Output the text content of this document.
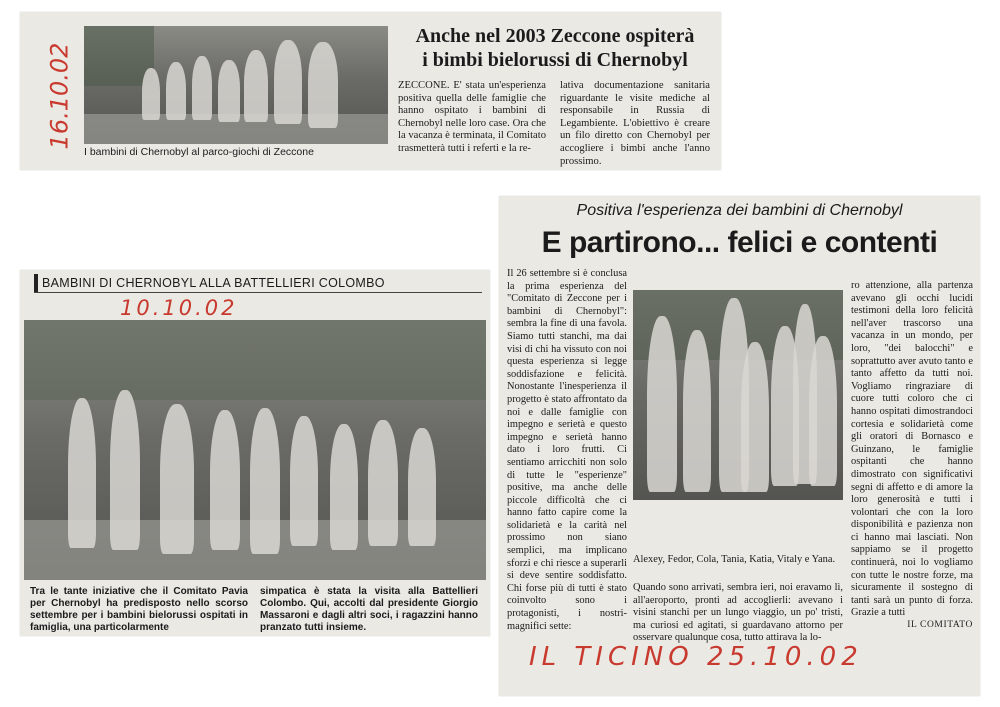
16.10.02
I bambini di Chernobyl al parco-giochi di Zeccone
Anche nel 2003 Zeccone ospiterà
i bimbi bielorussi di Chernobyl
ZECCONE. E' stata un'esperienza positiva quella delle famiglie che hanno ospitato i bambini di Chernobyl nelle loro case. Ora che la vacanza è terminata, il Comitato trasmetterà tutti i referti e la re-
lativa documentazione sanitaria riguardante le visite mediche al responsabile in Russia di Legambiente. L'obiettivo è creare un filo diretto con Chernobyl per accogliere i bimbi anche l'anno prossimo.
BAMBINI DI CHERNOBYL ALLA BATTELLIERI COLOMBO
10.10.02
Tra le tante iniziative che il Comitato Pavia per Chernobyl ha predisposto nello scorso settembre per i bambini bielorussi ospitati in famiglia, una particolarmente
simpatica è stata la visita alla Battellieri Colombo. Qui, accolti dal presidente Giorgio Massaroni e dagli altri soci, i ragazzini hanno pranzato tutti insieme.
Positiva l'esperienza dei bambini di Chernobyl
E partirono... felici e contenti
Il 26 settembre si è conclusa la prima esperienza del "Comitato di Zeccone per i bambini di Chernobyl": sembra la fine di una favola. Siamo tutti stanchi, ma dai visi di chi ha vissuto con noi questa esperienza si legge soddisfazione e felicità. Nonostante l'inesperienza il progetto è stato affrontato da noi e dalle famiglie con impegno e serietà e questo impegno e serietà hanno dato i loro frutti. Ci sentiamo arricchiti non solo di tutte le "esperienze" positive, ma anche delle piccole difficoltà che ci hanno fatto capire come la solidarietà e la carità nel prossimo non siano semplici, ma implicano sforzi e chi riesce a superarli si deve sentire soddisfatto. Chi forse più di tutti è stato coinvolto sono i protagonisti, i nostri-magnifici sette:
Alexey, Fedor, Cola, Tania, Katia, Vitaly e Yana.
Quando sono arrivati, sembra ieri, noi eravamo lì, all'aeroporto, pronti ad accoglierli: avevano i visini stanchi per un lungo viaggio, un po' tristi, ma curiosi ed agitati, si guardavano attorno per osservare qualunque cosa, tutto attirava la lo-
ro attenzione, alla partenza avevano gli occhi lucidi testimoni della loro felicità nell'aver trascorso una vacanza in un mondo, per loro, "dei balocchi" e soprattutto aver avuto tanto e tanto affetto da tutti noi. Vogliamo ringraziare di cuore tutti coloro che ci hanno ospitati dimostrandoci cortesia e solidarietà come gli oratori di Bornasco e Guinzano, le famiglie ospitanti che hanno dimostrato con significativi segni di affetto e di amore la loro generosità e tutti i volontari che con la loro disponibilità e pazienza non ci hanno mai lasciati. Non sappiamo se il progetto continuerà, noi lo vogliamo con tutte le nostre forze, ma sicuramente il sostegno di tanti sarà un punto di forza. Grazie a tutti
IL COMITATO
IL TICINO 25.10.02
